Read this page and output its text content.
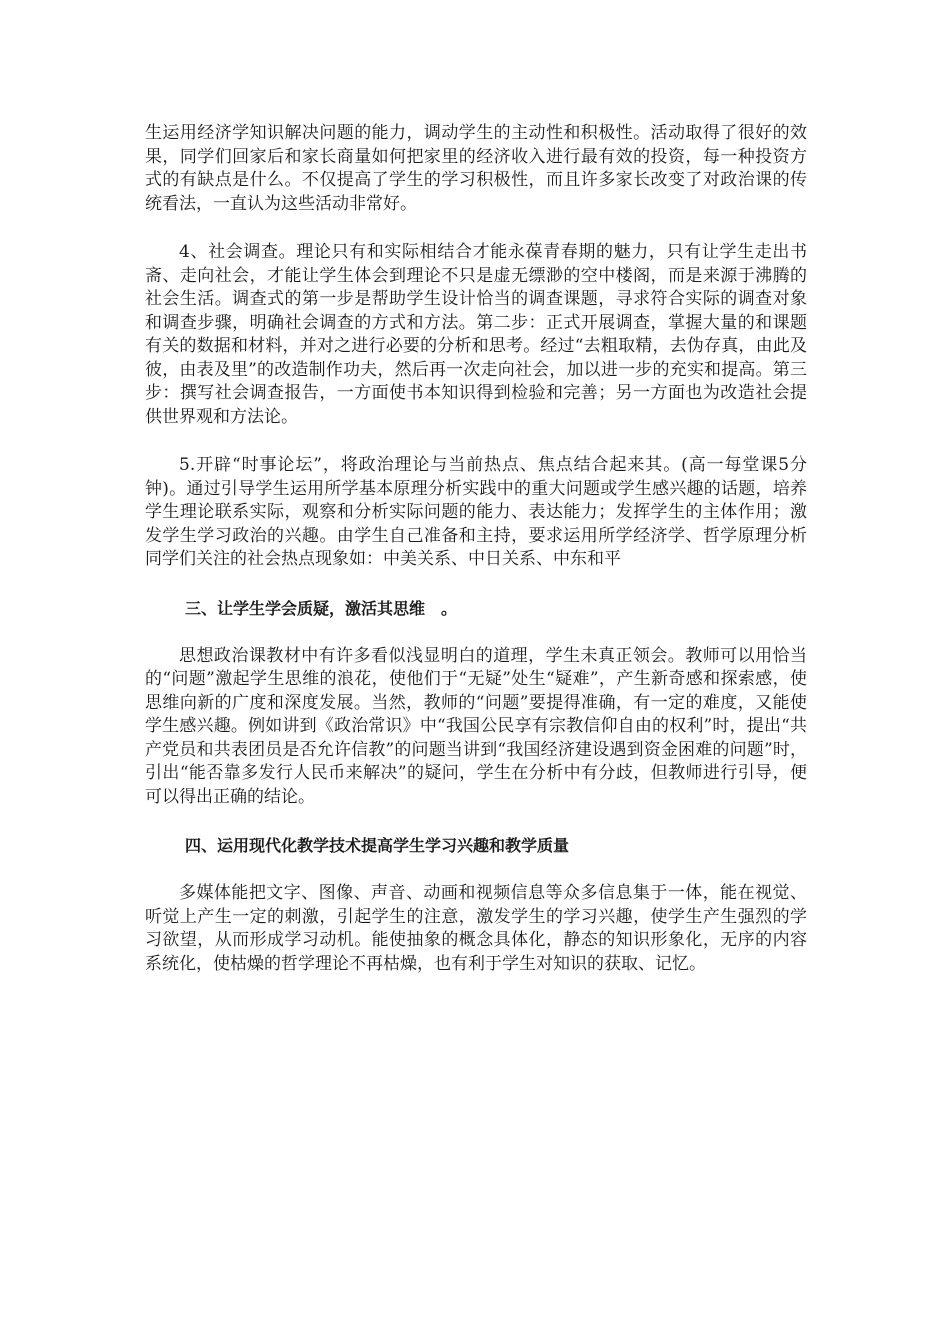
生运用经济学知识解决问题的能力，调动学生的主动性和积极性。活动取得了很好的效果，同学们回家后和家长商量如何把家里的经济收入进行最有效的投资，每一种投资方式的有缺点是什么。不仅提高了学生的学习积极性，而且许多家长改变了对政治课的传统看法，一直认为这些活动非常好。

4、社会调查。理论只有和实际相结合才能永葆青春期的魅力，只有让学生走出书斋、走向社会，才能让学生体会到理论不只是虚无缥渺的空中楼阁，而是来源于沸腾的社会生活。调查式的第一步是帮助学生设计恰当的调查课题，寻求符合实际的调查对象和调查步骤，明确社会调查的方式和方法。第二步：正式开展调查，掌握大量的和课题有关的数据和材料，并对之进行必要的分析和思考。经过“去粗取精，去伪存真，由此及彼，由表及里”的改造制作功夫，然后再一次走向社会，加以进一步的充实和提高。第三步：撰写社会调查报告，一方面使书本知识得到检验和完善；另一方面也为改造社会提供世界观和方法论。

5.开辟“时事论坛”，将政治理论与当前热点、焦点结合起来其。(高一每堂课5分钟)。通过引导学生运用所学基本原理分析实践中的重大问题或学生感兴趣的话题，培养学生理论联系实际，观察和分析实际问题的能力、表达能力；发挥学生的主体作用；激发学生学习政治的兴趣。由学生自己准备和主持，要求运用所学经济学、哲学原理分析同学们关注的社会热点现象如：中美关系、中日关系、中东和平

三、让学生学会质疑，激活其思维　。

思想政治课教材中有许多看似浅显明白的道理，学生未真正领会。教师可以用恰当的“问题”激起学生思维的浪花，使他们于“无疑”处生“疑难”，产生新奇感和探索感，使思维向新的广度和深度发展。当然，教师的“问题”要提得准确，有一定的难度，又能使学生感兴趣。例如讲到《政治常识》中“我国公民享有宗教信仰自由的权利”时，提出“共产党员和共表团员是否允许信教”的问题当讲到“我国经济建设遇到资金困难的问题”时，引出“能否靠多发行人民币来解决”的疑问，学生在分析中有分歧，但教师进行引导，便可以得出正确的结论。

四、运用现代化教学技术提高学生学习兴趣和教学质量

多媒体能把文字、图像、声音、动画和视频信息等众多信息集于一体，能在视觉、听觉上产生一定的刺激，引起学生的注意，激发学生的学习兴趣，使学生产生强烈的学习欲望，从而形成学习动机。能使抽象的概念具体化，静态的知识形象化，无序的内容系统化，使枯燥的哲学理论不再枯燥，也有利于学生对知识的获取、记忆。
